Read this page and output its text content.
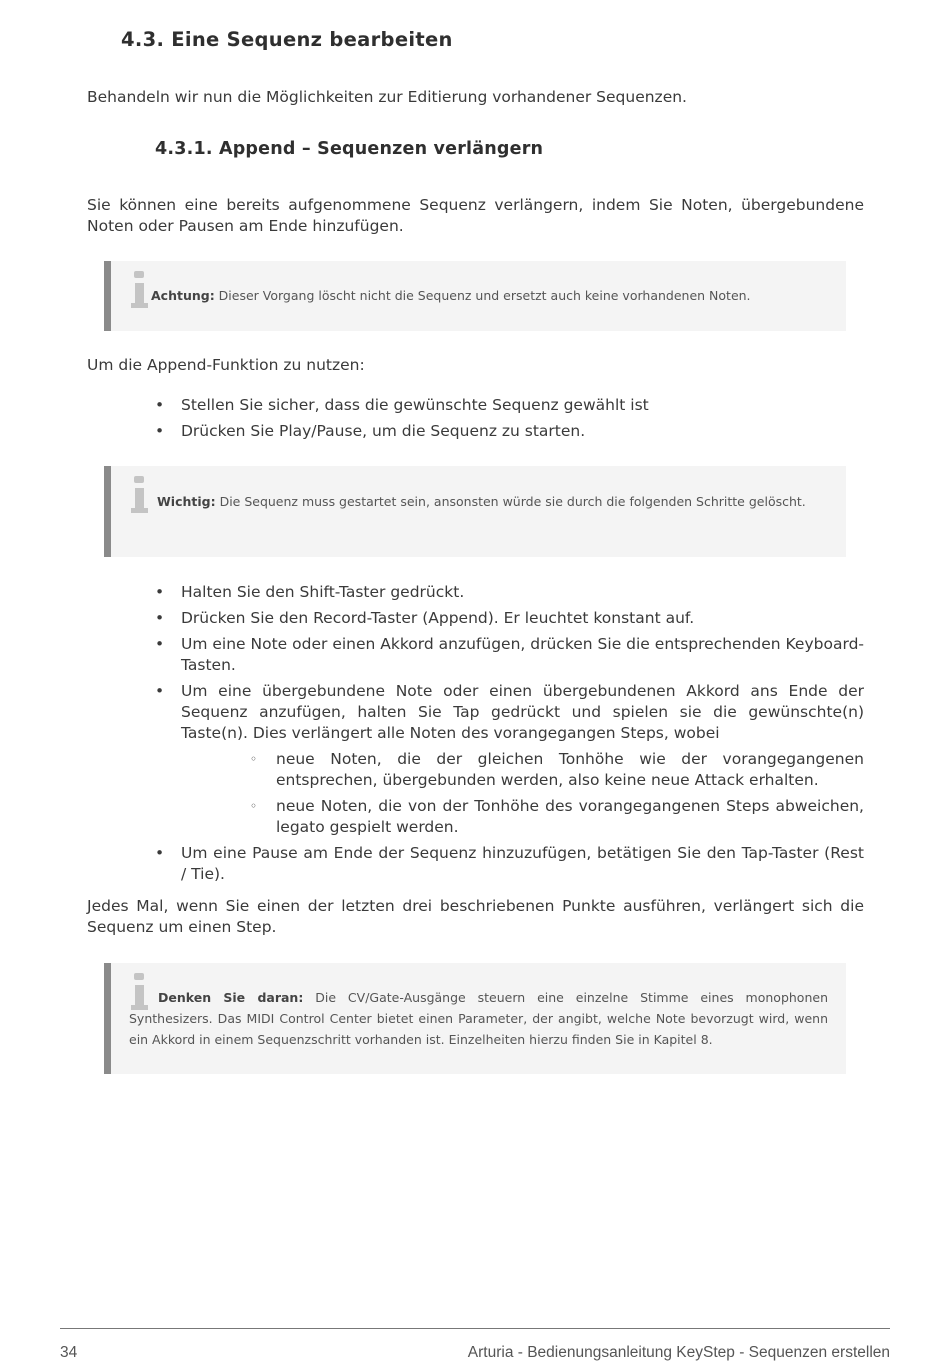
4.3. Eine Sequenz bearbeiten

Behandeln wir nun die Möglichkeiten zur Editierung vorhandener Sequenzen.

4.3.1. Append – Sequenzen verlängern

Sie können eine bereits aufgenommene Sequenz verlängern, indem Sie Noten, übergebundene Noten oder Pausen am Ende hinzufügen.

Achtung: Dieser Vorgang löscht nicht die Sequenz und ersetzt auch keine vorhandenen Noten.

Um die Append-Funktion zu nutzen:

• Stellen Sie sicher, dass die gewünschte Sequenz gewählt ist
• Drücken Sie Play/Pause, um die Sequenz zu starten.
Wichtig: Die Sequenz muss gestartet sein, ansonsten würde sie durch die folgenden Schritte gelöscht.
• Halten Sie den Shift-Taster gedrückt.
• Drücken Sie den Record-Taster (Append). Er leuchtet konstant auf.
• Um eine Note oder einen Akkord anzufügen, drücken Sie die entsprechenden Keyboard-Tasten.
• Um eine übergebundene Note oder einen übergebundenen Akkord ans Ende der Sequenz anzufügen, halten Sie Tap gedrückt und spielen sie die gewünschte(n) Taste(n). Dies verlängert alle Noten des vorangegangen Steps, wobei
◦ neue Noten, die der gleichen Tonhöhe wie der vorangegangenen entsprechen, übergebunden werden, also keine neue Attack erhalten.
◦ neue Noten, die von der Tonhöhe des vorangegangenen Steps abweichen, legato gespielt werden.
• Um eine Pause am Ende der Sequenz hinzuzufügen, betätigen Sie den Tap-Taster (Rest / Tie).

Jedes Mal, wenn Sie einen der letzten drei beschriebenen Punkte ausführen, verlängert sich die Sequenz um einen Step.

Denken Sie daran: Die CV/Gate-Ausgänge steuern eine einzelne Stimme eines monophonen Synthesizers. Das MIDI Control Center bietet einen Parameter, der angibt, welche Note bevorzugt wird, wenn ein Akkord in einem Sequenzschritt vorhanden ist. Einzelheiten hierzu finden Sie in Kapitel 8.
34	Arturia - Bedienungsanleitung KeyStep - Sequenzen erstellen
